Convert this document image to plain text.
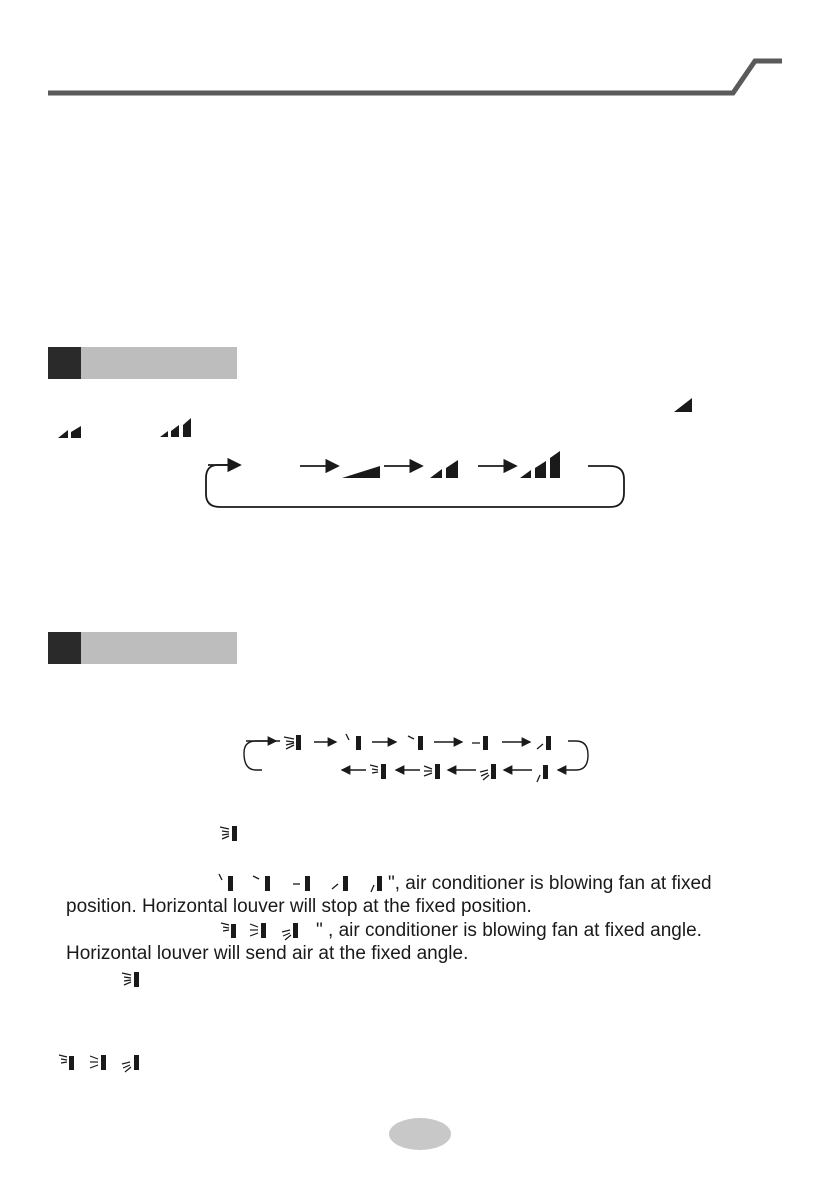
", air conditioner is blowing fan at fixed
position. Horizontal louver will stop at the fixed position.
" , air conditioner is blowing fan at fixed angle.
Horizontal louver will send air at the fixed angle.
